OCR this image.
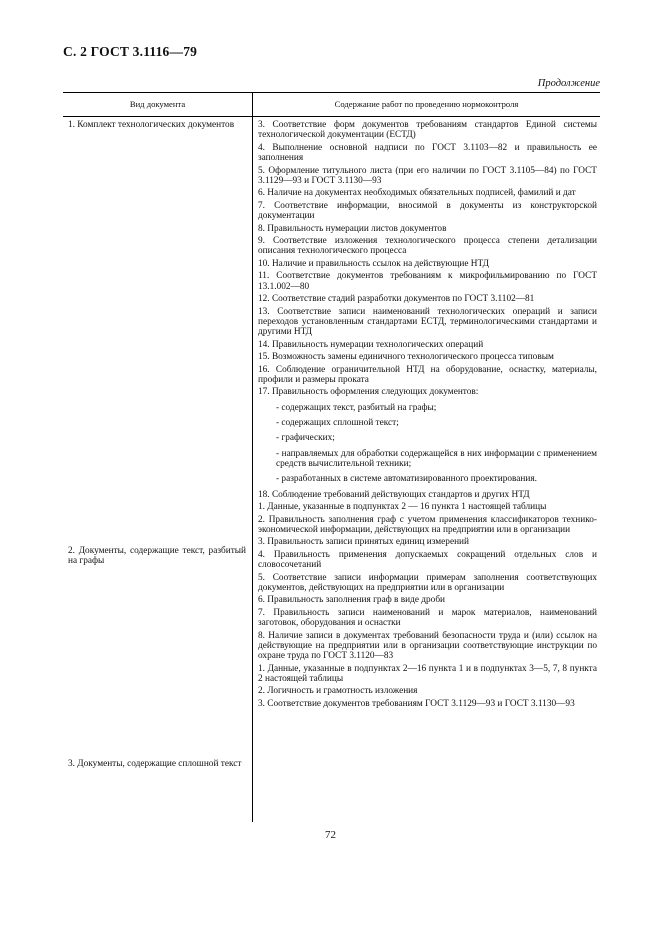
С. 2 ГОСТ 3.1116—79
Продолжение
Вид документа	Содержание работ по проведению нормоконтроля
1. Комплект технологических документов
2. Документы, содержащие текст, разбитый на графы
3. Документы, содержащие сплошной текст
3. Соответствие форм документов требованиям стандартов Единой системы технологической документации (ЕСТД)
4. Выполнение основной надписи по ГОСТ 3.1103—82 и правильность ее заполнения
5. Оформление титульного листа (при его наличии по ГОСТ 3.1105—84) по ГОСТ 3.1129—93 и ГОСТ 3.1130—93
6. Наличие на документах необходимых обязательных подписей, фамилий и дат
7. Соответствие информации, вносимой в документы из конструкторской документации
8. Правильность нумерации листов документов
9. Соответствие изложения технологического процесса степени детализации описания технологического процесса
10. Наличие и правильность ссылок на действующие НТД
11. Соответствие документов требованиям к микрофильмированию по ГОСТ 13.1.002—80
12. Соответствие стадий разработки документов по ГОСТ 3.1102—81
13. Соответствие записи наименований технологических операций и записи переходов установленным стандартами ЕСТД, терминологическими стандартами и другими НТД
14. Правильность нумерации технологических операций
15. Возможность замены единичного технологического процесса типовым
16. Соблюдение ограничительной НТД на оборудование, оснастку, материалы, профили и размеры проката
17. Правильность оформления следующих документов:
- содержащих текст, разбитый на графы;
- содержащих сплошной текст;
- графических;
- направляемых для обработки содержащейся в них информации с применением средств вычислительной техники;
- разработанных в системе автоматизированного проектирования.
18. Соблюдение требований действующих стандартов и других НТД
1. Данные, указанные в подпунктах 2 — 16 пункта 1 настоящей таблицы
2. Правильность заполнения граф с учетом применения классификаторов технико-экономической информации, действующих на предприятии или в организации
3. Правильность записи принятых единиц измерений
4. Правильность применения допускаемых сокращений отдельных слов и словосочетаний
5. Соответствие записи информации примерам заполнения соответствующих документов, действующих на предприятии или в организации
6. Правильность заполнения граф в виде дроби
7. Правильность записи наименований и марок материалов, наименований заготовок, оборудования и оснастки
8. Наличие записи в документах требований безопасности труда и (или) ссылок на действующие на предприятии или в организации соответствующие инструкции по охране труда по ГОСТ 3.1120—83
1. Данные, указанные в подпунктах 2—16 пункта 1 и в подпунктах 3—5, 7, 8 пункта 2 настоящей таблицы
2. Логичность и грамотность изложения
3. Соответствие документов требованиям ГОСТ 3.1129—93 и ГОСТ 3.1130—93
72
